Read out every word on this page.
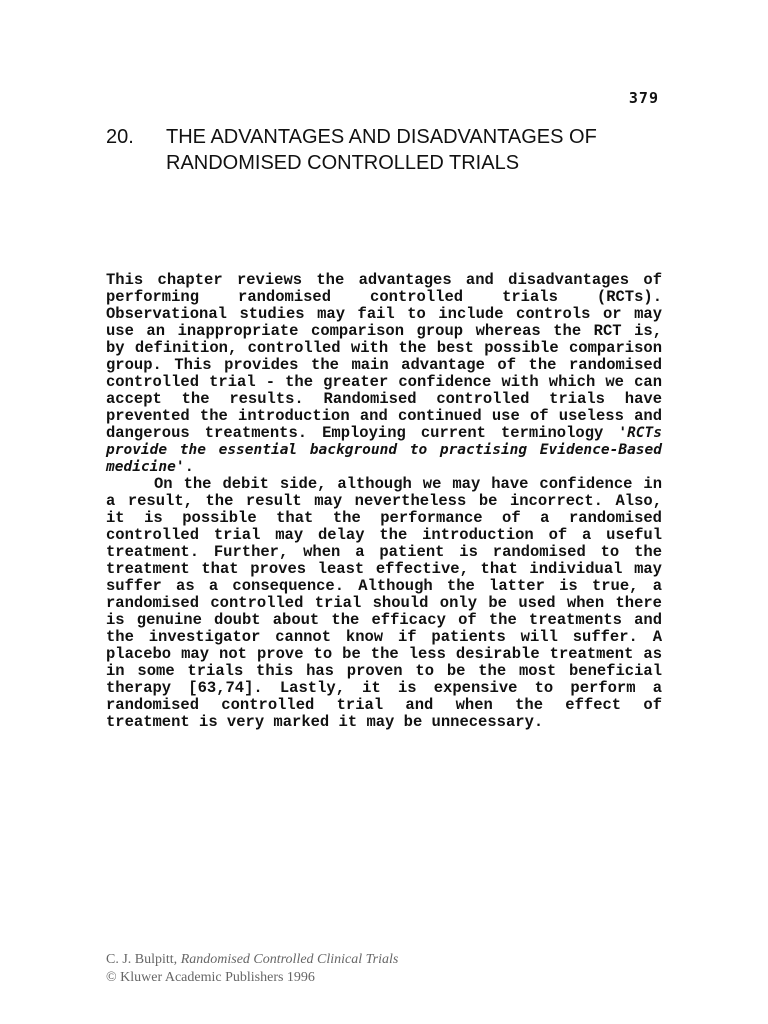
379
20.	THE ADVANTAGES AND DISADVANTAGES OF
RANDOMISED CONTROLLED TRIALS

This chapter reviews the advantages and disadvantages of performing randomised controlled trials (RCTs). Observational studies may fail to include controls or may use an inappropriate comparison group whereas the RCT is, by definition, controlled with the best possible comparison group. This provides the main advantage of the randomised controlled trial - the greater confidence with which we can accept the results. Randomised controlled trials have prevented the introduction and continued use of useless and dangerous treatments. Employing current terminology 'RCTs provide the essential background to practising Evidence-Based medicine'.

On the debit side, although we may have confidence in a result, the result may nevertheless be incorrect. Also, it is possible that the performance of a randomised controlled trial may delay the introduction of a useful treatment. Further, when a patient is randomised to the treatment that proves least effective, that individual may suffer as a consequence. Although the latter is true, a randomised controlled trial should only be used when there is genuine doubt about the efficacy of the treatments and the investigator cannot know if patients will suffer. A placebo may not prove to be the less desirable treatment as in some trials this has proven to be the most beneficial therapy [63,74]. Lastly, it is expensive to perform a randomised controlled trial and when the effect of treatment is very marked it may be unnecessary.

C. J. Bulpitt, Randomised Controlled Clinical Trials
© Kluwer Academic Publishers 1996
